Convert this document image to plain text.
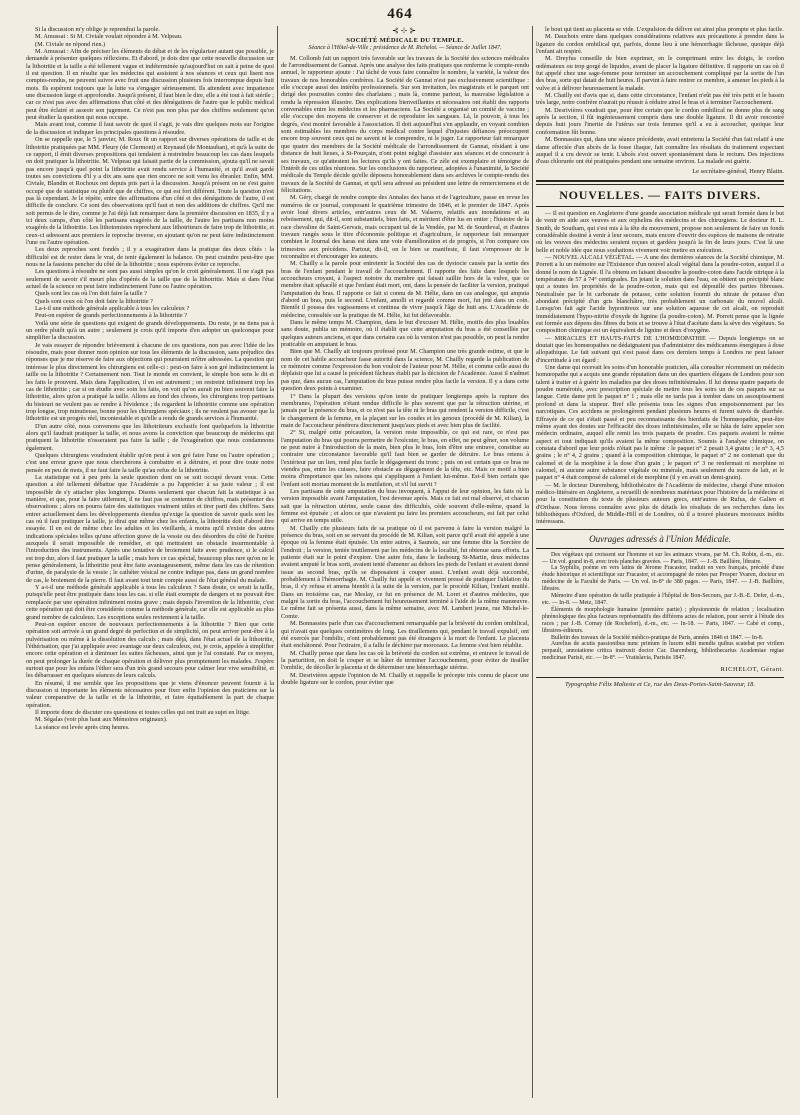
464

Si la discussion m'y oblige je reprendrai la parole.

M. Amussat : Si M. Civiale voulait répondre à M. Velpeau.

(M. Civiale ne répond rien.)

M. Amussat : Afin de préciser les éléments du débat et de les régulariser autant que possible, je demande à présenter quelques réflexions. Et d'abord, je dois dire que cette nouvelle discussion sur la lithotritie et la taille a été tellement vague et indéterminée qu'aujourd'hui on sait à peine de quoi il est question. Il en résulte que les médecins qui assistent à nos séances et ceux qui lisent nos comptes-rendus, ne peuvent suivre avec fruit une discussion plusieurs fois interrompue depuis huit mois. Ils espèrent toujours que la lutte va s'engager sérieusement. Ils attendent avec impatience une discussion large et approfondie. Jusqu'à présent, il faut bien le dire, elle a été tout à fait stérile ; car ce n'est pas avec des affirmations d'un côté et des dénégations de l'autre que le public médical peut être éclairé et asseoir son jugement. Ce n'est pas non plus par des chiffres seulement qu'on peut étudier la question qui nous occupe.

Mais avant tout, comme il faut savoir de quoi il s'agit, je vais dire quelques mots sur l'origine de la discussion et indiquer les principales questions à résoudre.

On se rappelle que, le 5 janvier, M. Roux fit un rapport sur diverses opérations de taille et de lithotritie pratiquées par MM. Fleury (de Clermont) et Reynaud (de Montauban), et qu'à la suite de ce rapport, il émit diverses propositions qui tendaient à restreindre beaucoup les cas dans lesquels on doit pratiquer la lithotritie. M. Velpeau qui faisait partie de la commission, ajouta qu'il ne savait pas encore jusqu'à quel point la lithotritie avait rendu service à l'humanité, et qu'il avait gardé toutes ses convictions d'il y a dix ans sans que rien encore ne soit venu les ébranler. Enfin, MM. Civiale, Blandin et Rochoux ont depuis pris part à la discussion. Jusqu'à présent on ne s'est guère occupé que de statistique ou plutôt que de chiffres, ce qui est fort différent. Toute la question n'est pas là cependant. Je le répète, entre des affirmations d'un côté et des dénégations de l'autre, il est difficile de conclure. Ce sont des observations qu'il faut et non des additions de chiffres. Qu'il me soit permis de le dire, comme je l'ai déjà fait remarquer dans la première discussion en 1835, il y a ici deux camps, d'un côté les partisans exagérés de la taille, de l'autre les partisans non moins exagérés de la lithotritie. Les lithotomistes reprochent aux lithotriteurs de faire trop de lithotritie, et ceux-ci adressent aux premiers le reproche inverse, en ajoutant qu'on ne peut faire indistinctement l'une ou l'autre opération.

Les deux reproches sont fondés ; il y a exagération dans la pratique des deux côtés : la difficulté est de rester dans le vrai, de tenir également la balance. On peut craindre peut-être que nous ne la fassions pencher du côté de la lithotritie ; nous espérons éviter ce reproche.

Les questions à résoudre ne sont pas aussi simples qu'on le croit généralement. Il ne s'agit pas seulement de savoir s'il meurt plus d'opérés de la taille que de la lithotritie. Mais si dans l'état actuel de la science on peut faire indistinctement l'une ou l'autre opération.

Quels sont les cas où l'on doit faire la taille ?

Quels sont ceux où l'on doit faire la lithotritie ?

La-t-il une méthode générale applicable à tous les calculeux ?

Peut-on espérer de grands perfectionnements à la lithotritie ?

Voilà une série de questions qui exigent de grands développements. Du reste, je ne tiens pas à un ordre plutôt qu'à un autre ; seulement je crois qu'il importe d'en adopter un quelconque pour simplifier la discussion.

Je vais essayer de répondre brièvement à chacune de ces questions, non pas avec l'idée de les résoudre, mais pour donner mon opinion sur tous les éléments de la discussion, sans préjudice des réponses que je me réserve de faire aux objections qui pourraient m'être adressées. La question qui intéresse le plus directement les chirurgiens est celle-ci : peut-on faire à son gré indistinctement la taille ou la lithotritie ? Certainement non. Tout le monde en convient, le simple bon sens le dit et les faits le prouvent. Mais dans l'application, il en est autrement ; on restreint infiniment trop les cas de lithotritie ; car si on étudie avec soin les faits, on voit qu'on aurait pu bien souvent faire la lithotritie, alors qu'on a pratiqué la taille. Allons au fond des choses, les chirurgiens trop partisans du bistouri ne veulent pas se rendre à l'évidence ; ils regardent la lithotritie comme une opération trop longue, trop minutieuse, bonne pour les chirurgiens spéciaux ; ils ne veulent pas avouer que la lithotritie est un progrès réel, incontestable et qu'elle a rendu de grands services à l'humanité.

D'un autre côté, nous convenons que les lithotriteurs exclusifs font quelquefois la lithotritie alors qu'il faudrait pratiquer la taille, et nous avons la conviction que beaucoup de médecins qui pratiquent la lithotritie n'osseraient pas faire la taille ; de l'exagération que nous condamnons également.

Quelques chirurgiens voudraient établir qu'on peut à son gré faire l'une ou l'autre opération ; c'est une erreur grave que nous chercherons à combattre et à détruire, et pour dire toute notre pensée en peu de mots, il ne faut faire la taille qu'au refus de la lithotritie.

La statistique est à peu près la seule question dont on se soit occupé devant vous. Cette question a été tellement débattue que l'Académie a pu l'apprécier à sa juste valeur ; il est impossible de s'y attacher plus longtemps. Disons seulement que chacun fait la statistique à sa manière, et que, pour la faire utilement, il ne faut pas se contenter de chiffres, mais présenter des observations ; alors on pourra faire des statistiques vraiment utiles et tirer parti des chiffres. Sans entrer actuellement dans les développements étendus qu'exige la question de savoir quels sont les cas où il faut pratiquer la taille, je dirai que même chez les enfants, la lithotritie doit d'abord être essayée. Il en est de même chez les adultes et les vieillards, à moins qu'il n'existe des autres indications spéciales telles qu'une affection grave de la vessie ou des désordres du côté de l'urètre auxquels il serait impossible de remédier, et qui mettraient un obstacle insurmontable à l'introduction des instruments. Après une tentative de broiement faite avec prudence, si le calcul est trop dur, alors il faut pratiquer la taille ; mais hors ce cas spécial, beaucoup plus rare qu'on ne le pense généralement, la lithotritie peut être faite avantageusement, même dans les cas de rétention d'urine, de paralysie de la vessie ; le cathéter vésical ne contre indique pas, dans un grand nombre de cas, le broiement de la pierre. Il faut avant tout tenir compte aussi de l'état général du malade.

Y a-t-il une méthode générale applicable à tous les calculeux ? Sans doute, ce serait la taille, puisqu'elle peut être pratiquée dans tous les cas. si elle était exempte de dangers et ne pouvait être remplacée par une opération infiniment moins grave ; mais depuis l'invention de la lithotritie, c'est cette opération qui doit être considérée comme la méthode générale, car elle est applicable au plus grand nombre de calculeux. Les exceptions seules reviennent à la taille.

Peut-on espérer encore de nouveaux perfectionnements à la lithotritie ? Bien que cette opération soit arrivée à un grand degré de perfection et de simplicité, on peut arriver peut-être à la pulvérisation ou même à la dissolution des calculs ; mais déjà, dans l'état actuel de la lithotritie, l'éthérisation, que j'ai appliquée avec avantage sur deux calculeux, est, je crois, appelée à simplifier encore cette opération et à diminuer les suites fâcheuses, ainsi que je l'ai constaté. Par ce moyen, on peut prolonger la durée de chaque opération et délivrer plus promptement les malades. J'espère surtout que pour les enfans l'éther sera d'un très grand secours pour calmer leur vive sensibilité, et les débarrasser en quelques séances de leurs calculs.

En résumé, il me semble que les propositions que je viens d'énoncer peuvent fournir à la discussion si importante les éléments nécessaires pour fixer enfin l'opinion des praticiens sur la valeur comparative de la taille et de la lithotritie, et faire équitablement la part de chaque opération.

Il importe donc de discuter ces questions et toutes celles qui ont trait au sujet en litige.

M. Ségalas (voir plus haut aux Mémoires originaux).

La séance est levée après cinq heures.

⊰⊹⊱
SOCIÉTÉ MÉDICALE DU TEMPLE.
Séance à l'Hôtel-de-Ville ; présidence de M. Richelot. — Séance de Juillet 1847.

M. Collomb fait un rapport très favorable sur les travaux de la Société des sciences médicales de l'arrondissement de Gannat. Après une analyse des faits pratiques que renferme le compte-rendu annuel, le rapporteur ajoute : J'ai tâché de vous faire connaître le nombre, la variété, la valeur des travaux de nos honorables confrères. La Société de Gannat n'est pas exclusivement scientifique : elle s'occupe aussi des intérêts professionnels. Sur son invitation, les magistrats et le parquet ont dirigé des poursuites contre des charlatans ; mais là, comme partout, la mauvaise législation a rendu la répression illusoire. Des explications bienveillantes et nécessaires ont établi des rapports convenables entre les médecins et les pharmaciens. La Société a organisé un comité de vaccine ; elle s'occupe des moyens de conserver et de reproduire les sangsues. Là, le pouvoir, à tous les degrés, s'est montré favorable à l'association. Il doit aujourd'hui s'en applaudir, en voyant combien sont estimables les membres du corps médical contre lequel d'injustes défiances préoccupent encore trop souvent ceux qui ne savent ni le comprendre, ni le juger. Le rapporteur fait remarquer que quatre des membres de la Société médicale de l'arrondissement de Gannat, résidant à une distance de huit lieues, à St-Pourçain, n'ont point négligé d'assister aux séances et de concourir à ses travaux, ce qu'attestent les lectures qu'ils y ont faites. Ce zèle est exemplaire et témoigne de l'intérêt de ces utiles réunions. Sur les conclusions du rapporteur, adoptées à l'unanimité, la Société médicale du Temple décide qu'elle déposera honorablement dans ses archives le compte-rendu des travaux de la Société de Gannat, et qu'il sera adressé au président une lettre de remerciemens et de félicitations.

M. Géry, chargé de rendre compte des Annales des haras et de l'agriculture, passe en revue les numéros de ce journal, composant le quatrième trimestre de 1846, et le premier de 1847. Après avoir loué divers articles, entr'autres ceux de M. Valserre, relatifs aux inondations et au reboisement, qui, dit-il, sont substantiels, bien faits, et méritent d'être lus en entier ; l'histoire de la race chevaline de Saint-Gervais, mais occupant tal de la Vendée, par M. de Sourdeval, et d'autres travaux rangés sous le titre d'économie politique et d'agriculture, le rapporteur fait remarquer combien le Journal des haras est dans une voie d'amélioration et de progrès, si l'on compare ces trimestres aux précédens. Partout, dit-il, on le bien se manifeste, il faut s'empresser de le reconnaître et d'encourager les auteurs.

M. Chailly a la parole pour entretenir la Société des cas de dystocie causés par la sortie des bras de l'enfant pendant le travail de l'accouchement. Il rapporte des faits dans lesquels les accoucheurs croyant, à l'aspect notoire du membre qui faisait saillie hors de la vulve, que ce membre était sphacélé et que l'enfant était mort, ont, dans la pensée de faciliter la version, pratiqué l'amputation du bras. Il rapporte ce fait si connu de M. Hélie, dans un cas analogue, qui amputa d'abord un bras, puis le second. L'enfant, amolli et regardé comme mort, fut jeté dans un coin. Bientôt il poussa des vagissemens et continua de vivre jusqu'à l'âge de huit ans. L'Académie de médecine, consultée sur la pratique de M. Hélie, lui fut défavorable.

Dans le même temps M. Champion, dans le but d'excuser M. Hélie, motifs des plus louables sans doute, publia un mémoire, où il établit que cette amputation du bras a été conseillée par quelques auteurs anciens, et que dans certains cas où la version n'est pas possible, on peut la rendre praticable en amputant le bras.

Bien que M. Chailly ait toujours professé pour M. Champion une très grande estime, et que le nom de cet habile accoucheur fasse autorité dans la science, M. Chailly regarde la publication de ce mémoire comme l'expression du bon vouloir de l'auteur pour M. Hélie, et comme celle aussi du déplaisir que lui a causé le précédent fâcheux établi par la décision de l'Académie. Aussi il n'admet pas que, dans aucun cas, l'amputation du bras puisse rendre plus facile la version. Il y a dans cette question deux points à examiner.

1° Dans la plupart des versions qu'on tente de pratiquer longtemps après la rupture des membranes, l'opération n'étant rendue difficile le plus souvent que par la rétraction utérine, et jamais par la présence du bras, et ce n'est pas la tête ni le bras qui rendent la version difficile, c'est le changement de la femme, en la plaçant sur les coudes et les genoux (procédé de M. Kilian), la main de l'accoucheur pénétrera directement jusqu'aux pieds et avec bien plus de facilité.

2° Si, malgré cette précaution, la version reste impossible, ce qui est rare, ce n'est pas l'amputation du bras qui pourra permettre de l'exécuter, le bras, en effet, ne peut gêner, son volume ne peut nuire à l'introduction de la main, bien plus le bras, loin d'être une entrave, constitue au contraire une circonstance favorable qu'il faut bien se garder de détruire. Le bras retenu à l'extérieur par un lien, rend plus facile le dégagement du tronc ; puis on est certain que ce bras ne viendra pas, entre les cuisses, faire obstacle au dégagement de la tête, etc. Mais ce motif a bien moins d'importance que les raisons qui s'appliquent à l'enfant lui-même. Est-il bien certain que l'enfant soit mortau moment de la mutilation, et s'il lui survit ?

Les partisans de cette amputation du bras invoquent, à l'appui de leur opinion, les faits où la version impossible avant l'amputation, l'est devenue après. Mais ce fait est mal observé, et chacun sait que la rétraction utérine, seule cause des difficultés, cède souvent d'elle-même, quand la femme est épuisée ; et alors ce que n'avaient pu faire les premiers accoucheurs, est fait par celui qui arrive en temps utile.

M. Chailly cite plusieurs faits de sa pratique où il est parvenu à faire la version malgré la présence du bras, soit en se servant du procédé de M. Kilian, soit parce qu'il avait été appelé à une époque où la femme était épuisée. Un entre autres, à Saunois, sur une femme dite la Sorcière de l'endroit ; la version, tentée inutilement par les médecins de la localité, fut obtenue sans efforts. La patiente était sur le point d'expirer. Une autre fois, dans le faubourg St-Martin, deux médecins avaient amputé le bras sorti, avaient tenté d'amener au dehors les pieds de l'enfant et avaient donné issue au second bras, qu'ils se disposaient à couper aussi. L'enfant avait déjà succombé, probablement à l'hémorrhagie. M. Chailly fut appelé et vivement pressé de pratiquer l'ablation du bras, il s'y refusa et amena bientôt à la suite de la version, par le procédé Kilian, l'enfant mutilé. Dans un troisième cas, rue Meslay, ce fut en présence de M. Loret et d'autres médecins, que malgré la sortie du bras, l'accouchement fut heureusement terminé à l'aide de la même manœuvre. Le même fait se présenta aussi, dans la même semaine, avec M. Lambert jeune, rue Michel-le-Comte.

M. Bonnassies parle d'un cas d'accouchement remarquable par la brièveté du cordon ombilical, qui n'avait que quelques centimètres de long. Les tiraillemens qui, pendant le travail expulsif, ont été exercés par l'ombilic, n'ont probablement pas été étrangers à la mort de l'enfant. Le placenta était enchâtonné. Pour l'extraire, il a fallu le déchirer par morceaux. La femme s'est bien rétablie.

M. Chailly pense que dans les cas où la brièveté du cordon est extrême, et entrave le travail de la parturition, on doit le couper et se hâter de terminer l'accouchement, pour éviter de tirailler l'ombilic, de décoller le placenta et de déterminer une hémorrhagie utérine.

M. Desrivières appuie l'opinion de M. Chailly et rappelle le précepte très connu de placer une double ligature sur le cordon, pour éviter que

le bout qui tient au placenta se vide. L'expulsion du délivre est ainsi plus prompte et plus facile.

M. Dauchoix entre dans quelques considérations relatives aux précautions à prendre dans la ligature du cordon ombilical qui, parfois, donne lieu à une hémorrhagie fâcheuse, quoique déjà l'enfant ait respiré.

M. Dreyfus conseille de bien exprimer, en le comprimant entre les doigts, le cordon œdémateux ou trop gorgé de liquides, avant de placer la ligature définitive. Il rapporte un cas où il fut appelé chez une sage-femme pour terminer un accouchement compliqué par la sortie de l'un des bras, sorte qui datait de huit heures. Il parvint à faire rentrer ce membre, à amener les pieds à la vulve et à délivrer heureusement la malade.

M. Chailly est d'avis que si, dans cette circonstance, l'enfant n'eût pas été très petit et le bassin très large, notre confrère n'aurait pu réussir à réduire ainsi le bras et à terminer l'accouchement.

M. Desrivières voudrait que, pour être certain que le cordon ombilical ne donne plus de sang après la section, il fût ingénieusement compris dans une double ligature. Il dit avoir rencontré depuis huit jours l'inertie de l'utérus sur trois femmes qu'il a eu à accoucher, quoique leur conformation fût bonne.

M. Bonnassies qui, dans une séance précédente, avait entretenu la Société d'un fait relatif à une dame affectée d'un abcès de la fosse iliaque, fait connaître les résultats du traitement expectant auquel il a cru devoir se tenir. L'abcès s'est ouvert spontanément dans le rectum. Des injections d'eau chlorurée ont été pratiquées pendant une semaine environ. La malade est guérie.

Le secrétaire-général, Henry Blatin.
NOUVELLES. — FAITS DIVERS.

— Il est question en Angleterre d'une grande association médicale qui serait formée dans le but de venir en aide aux veuves et aux orphelins des médecins et des chirurgiens. Le docteur H. L. Smith, de Southam, qui s'est mis à la tête du mouvement, propose non seulement de faire un fonds considérable destiné à venir à leur secours, mais encore d'ouvrir des espèces de maisons de retraite où les veuves des médecins seraient reçues et gardées jusqu'à la fin de leurs jours. C'est là une belle et noble idée que nous souhaitons vivement voir mettre en exécution.

— NOUVEL ALCALI VÉGÉTAL. — A une des dernières séances de la Société chimique, M. Porrett a lu un mémoire sur l'Existence d'un nouvel alcali végétal dans la poudre-coton, auquel il a donné le nom de Lignée. Il l'a obtenu en faisant dissoudre la poudre-coton dans l'acide nitrique à la température de 57 à 74° centigrades. En jetant le solution dans l'eau, on obtient un précipité blanc qui a toutes les propriétés de la poudre-coton, mais qui est dépouillé des parties fibreuses. Neutralisée par le bi carbonate de potasse, cette solution fournit du nitrate de potasse d'un abondant précipité d'un gris blanchâtre, très probablement un carbonate du nouvel alcali. Lorsqu'on fait agir l'acide hyponitreux sur une solution aqueuse de cet alcali, on reproduit immédiatement l'hypo-nitrite d'oxyde de lignine (la poudre-coton). M. Porrett pense que la lignée est formée aux dépens des fibres du bois et se trouve à l'état d'acétate dans la sève des végétaux. Sa composition chimique est un équivalent de lignine et deux d'oxygène.

— MIRACLES ET HAUTS-FAITS DE L'HOMŒOPATHIE — Depuis longtemps on se doutait que les homœopathes ne dédaignaient pas d'administrer des médicamens énergiques à dose allopathique. Le fait suivant qui s'est passé dans ces derniers temps à Londres ne peut laisser d'incertitude à cet égard :

Une dame qui recevait les soins d'un honorable praticien, alla consulter récemment un médecin homœopathe qui a acquis une grande réputation dans un des quartiers élégans de Londres pour son talent à traiter et à guérir les maladies par des doses infinitésimales. Il lui donna quatre paquets de poudre numérotés, avec prescription spéciale de mettre tous les soirs un de ces paquets sur sa langue. Cette dame prit le paquet n° 1 ; mais elle ne tarda pas à tomber dans un assoupissement profond et dans la stupeur. Bref elle présenta tous les signes d'un empoisonnement par les narcotiques. Ces accidens se prolongèrent pendant plusieurs heures et furent suivis de diarrhée. Effrayée de ce qui s'était passé et peu reconnaissante des bienfaits de l'homœopathie, peut-être même ayant des doutes sur l'efficacité des doses infinitésimales, elle se hâta de faire appeler son médecin ordinaire, auquel elle remit les trois paquets de poudre. Ces paquets avaient le même aspect et tout indiquait qu'ils avaient la même composition. Soumis à l'analyse chimique, on constata d'abord que leur poids n'était pas le même : le paquet n° 2 pesait 3,4 grains ; le n° 3, 4,5 grains ; le n° 4, 2 grains ; quand à la composition chimique, le paquet n° 2 ne contenait que du calomel et de la morphine à la dose d'un grain ; le paquet n° 3 ne renfermait ni morphine ni calomel, ni aucune autre substance végétale ou minérale, mais seulement du sucre de lait, et le paquet n° 4 était composé de calomel et de morphine (il y en avait un demi-grain).

— M. le docteur Duremberg, bibliothécaire de l'Académie de médecine, chargé d'une mission médico-littéraire en Angleterre, a recueilli de nombreux matériaux pour l'histoire de la médecine et pour la constitution du texte de plusieurs auteurs grecs, entr'autres de Rufus, de Galien et d'Oribase. Nous ferons connaître avec plus de détails les résultats de ses recherches dans les bibliothèques d'Oxford, de Middle-Hill et de Londres, où il a trouvé plusieurs morceaux inédits intéressans.

Ouvrages adressés à l'Union Médicale.

Des végétaux qui croissent sur l'homme et sur les animaux vivans, par M. Ch. Robin, d.-m., etc. — Un vol. grand in-8, avec trois planches gravées. — Paris, 1847. — J.-B. Baillière, libraire.

La Syphilis, poème en vers latins de Jérome Fracastor, traduit en vers français, précédé d'une étude historique et scientifique sur Fracastor, et accompagné de notes par Prosper Yvaren, docteur en médecine de la Faculté de Paris. — Un vol. in-8° de 380 pages. — Paris, 1847. — J.-B. Baillière, libraire.

Mémoire d'une opération de taille pratiquée à l'hôpital de Bon-Secours, par J.-B.-E. Defer, d.-m., etc. — In-8. — Metz, 1847.

Éléments de morphologie humaine (première partie) ; physionomie de relation ; localisation phrénologique des plus facteurs représentatifs des différens actes de relation, pour servir à l'étude des races ; par J.-B. Cornay (de Rochefort), d.-m., etc. — In-18. — Paris, 1847. — Cabé et comp., libraires-éditeurs.

Bulletin des travaux de la Société médico-pratique de Paris, années 1846 et 1847. — In-8.

Aurelius de acutis passionibus nunc primum in lucem editi mendis quibus scatebat per virilem perpauli, annotatione critica instruxit doctor Car. Daremberg, bibliothecarius Academiae regiae medicinae Parisii, etc. — In-8°. — Vratislavia, Parisiis 1847.

RICHELOT, Gérant.
Typographie Félix Malteste et Ce, rue des Deux-Portes-Saint-Sauveur, 18.
